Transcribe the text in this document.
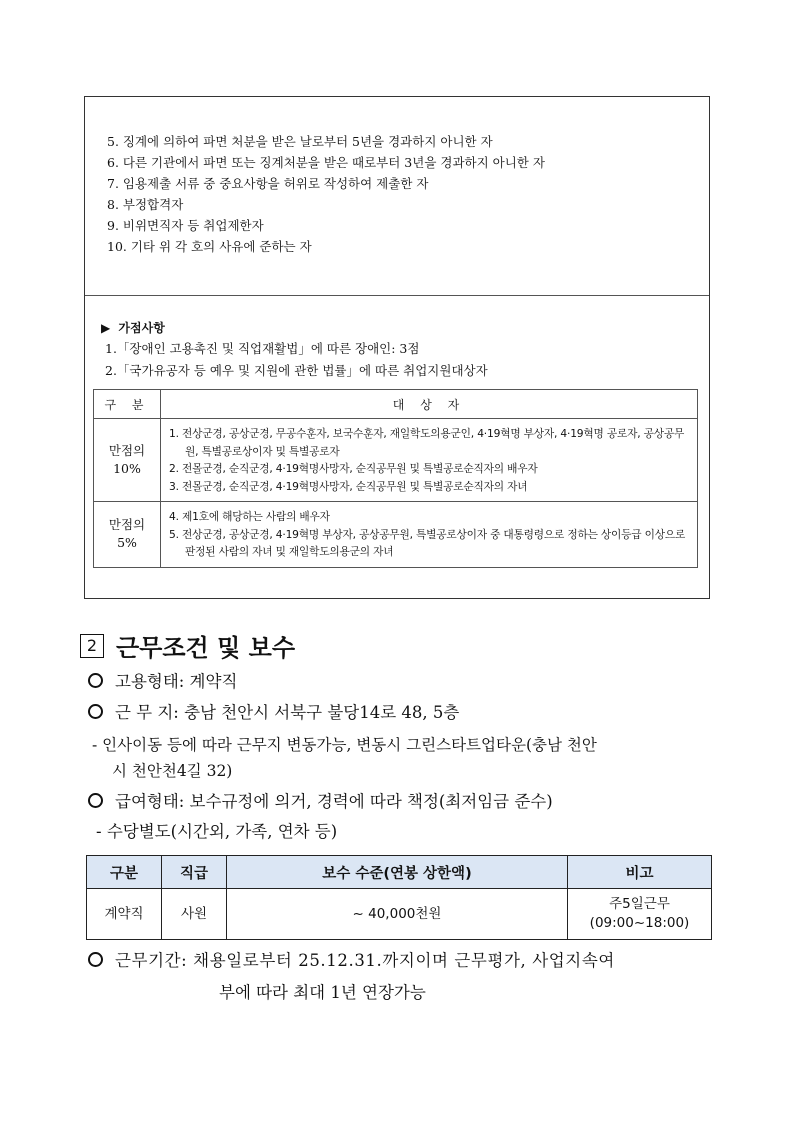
5. 징계에 의하여 파면 처분을 받은 날로부터 5년을 경과하지 아니한 자
6. 다른 기관에서 파면 또는 징계처분을 받은 때로부터 3년을 경과하지 아니한 자
7. 임용제출 서류 중 중요사항을 허위로 작성하여 제출한 자
8. 부정합격자
9. 비위면직자 등 취업제한자
10. 기타 위 각 호의 사유에 준하는 자
▶ 가점사항
1.「장애인 고용촉진 및 직업재활법」에 따른 장애인: 3점
2.「국가유공자 등 예우 및 지원에 관한 법률」에 따른 취업지원대상자
구 분	대 상 자
만점의
10%	1. 전상군경, 공상군경, 무공수훈자, 보국수훈자, 재일학도의용군인, 4·19혁명 부상자, 4·19혁명 공로자, 공상공무원, 특별공로상이자 및 특별공로자
2. 전몰군경, 순직군경, 4·19혁명사망자, 순직공무원 및 특별공로순직자의 배우자
3. 전몰군경, 순직군경, 4·19혁명사망자, 순직공무원 및 특별공로순직자의 자녀

만점의
5%	4. 제1호에 해당하는 사람의 배우자
5. 전상군경, 공상군경, 4·19혁명 부상자, 공상공무원, 특별공로상이자 중 대통령령으로 정하는 상이등급 이상으로 판정된 사람의 자녀 및 재일학도의용군의 자녀
2 근무조건 및 보수
고용형태: 계약직
근 무 지: 충남 천안시 서북구 불당14로 48, 5층
- 인사이동 등에 따라 근무지 변동가능, 변동시 그린스타트업타운(충남 천안
시 천안천4길 32)
급여형태: 보수규정에 의거, 경력에 따라 책정(최저임금 준수)
- 수당별도(시간외, 가족, 연차 등)
구분	직급	보수 수준(연봉 상한액)	비고
계약직	사원	~ 40,000천원	주5일근무
(09:00~18:00)
근무기간: 채용일로부터 25.12.31.까지이며 근무평가, 사업지속여
부에 따라 최대 1년 연장가능
